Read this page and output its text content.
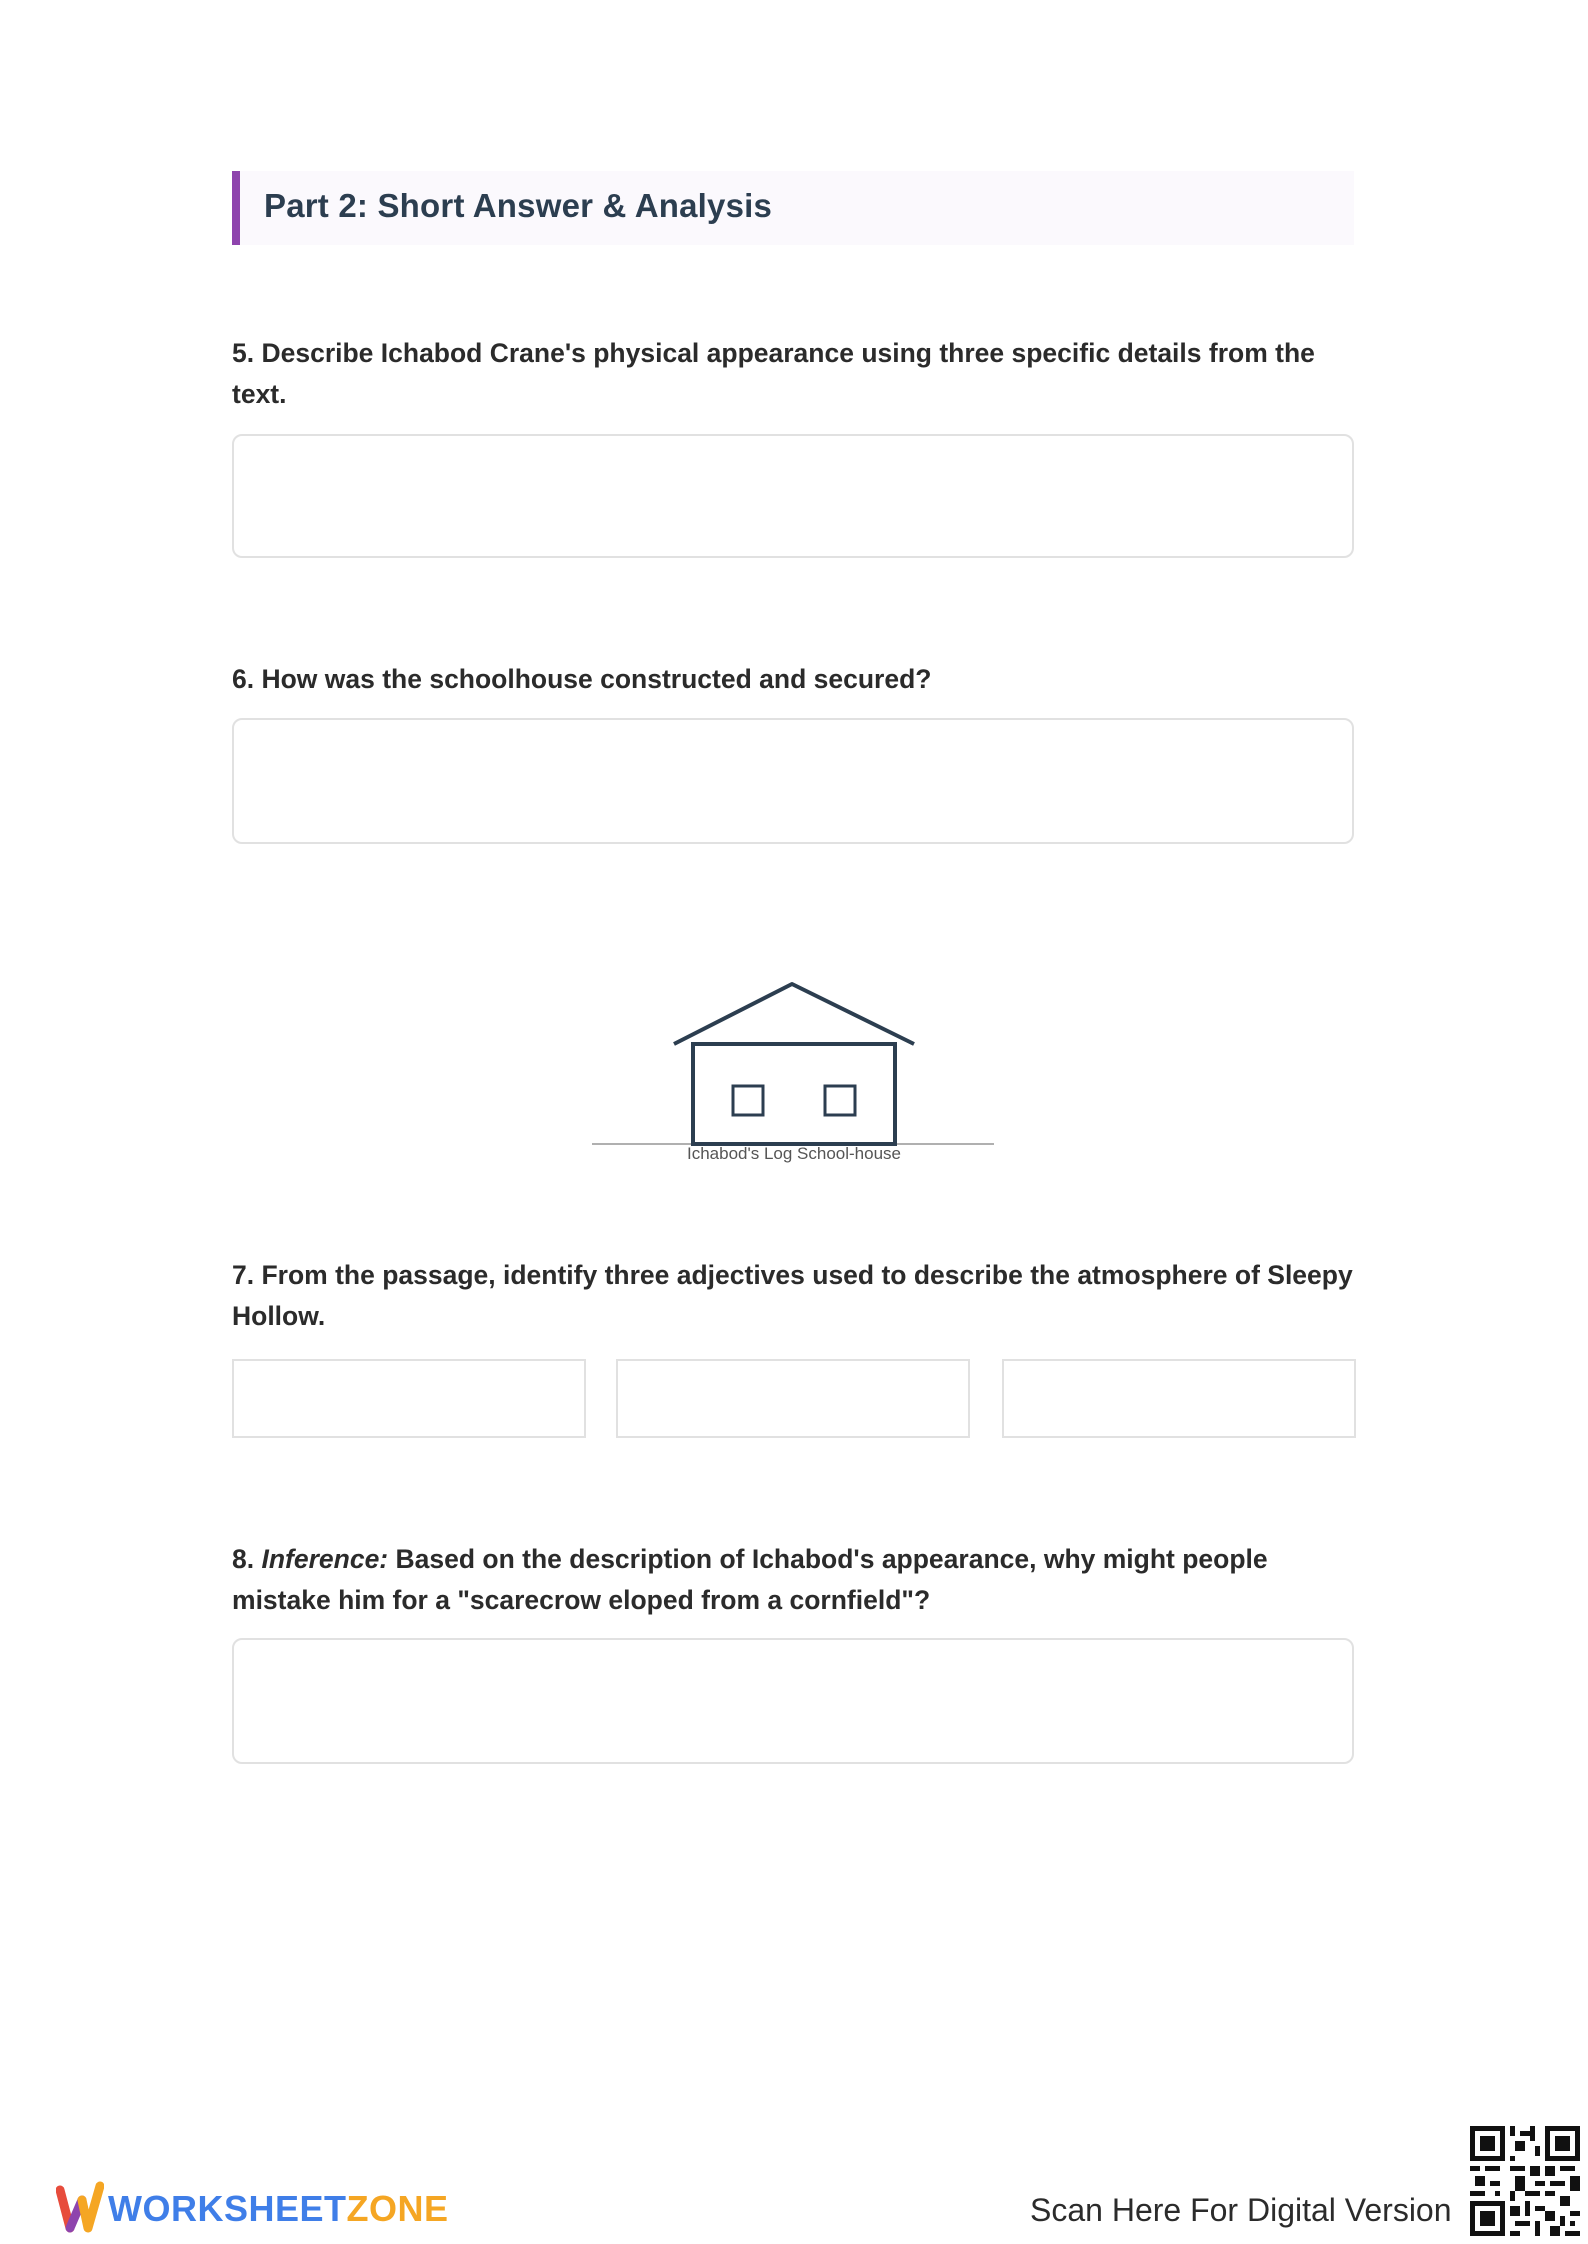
Part 2: Short Answer & Analysis

5. Describe Ichabod Crane's physical appearance using three specific details from the text.

6. How was the schoolhouse constructed and secured?

Ichabod's Log School-house

7. From the passage, identify three adjectives used to describe the atmosphere of Sleepy Hollow.

8. Inference: Based on the description of Ichabod's appearance, why might people mistake him for a "scarecrow eloped from a cornfield"?

WORKSHEETZONE	Scan Here For Digital Version
